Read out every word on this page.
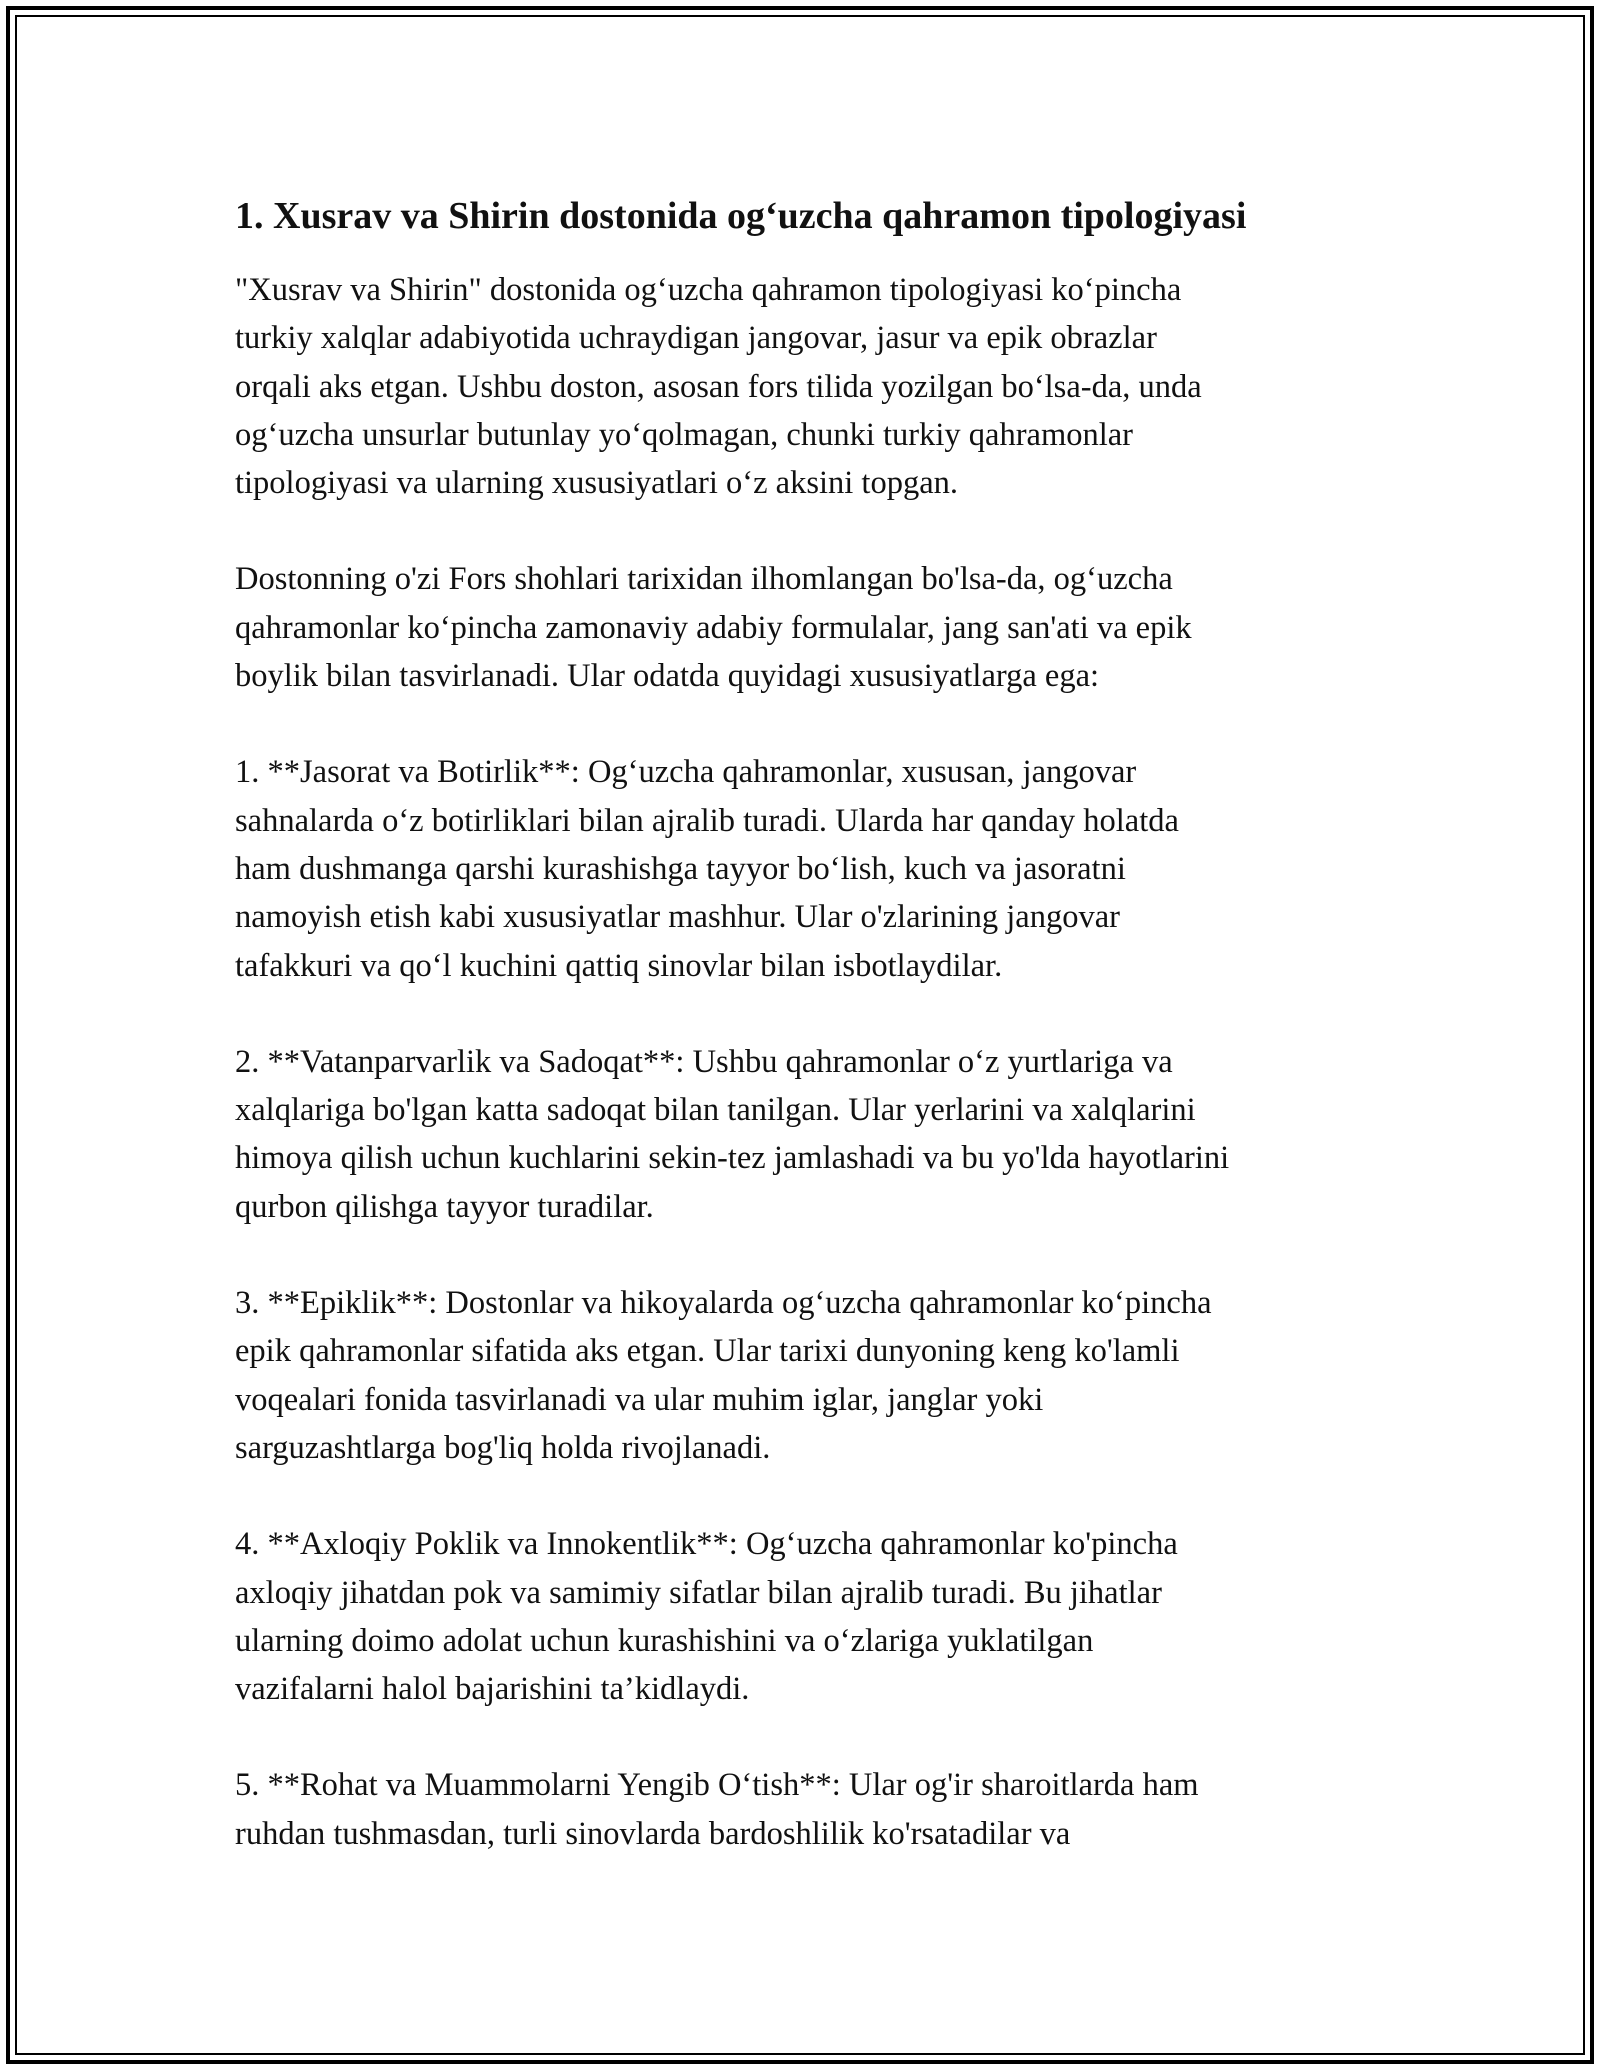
1. Xusrav va Shirin dostonida og‘uzcha qahramon tipologiyasi

"Xusrav va Shirin" dostonida og‘uzcha qahramon tipologiyasi ko‘pincha
turkiy xalqlar adabiyotida uchraydigan jangovar, jasur va epik obrazlar
orqali aks etgan. Ushbu doston, asosan fors tilida yozilgan bo‘lsa-da, unda
og‘uzcha unsurlar butunlay yo‘qolmagan, chunki turkiy qahramonlar
tipologiyasi va ularning xususiyatlari o‘z aksini topgan.

Dostonning o'zi Fors shohlari tarixidan ilhomlangan bo'lsa-da, og‘uzcha
qahramonlar ko‘pincha zamonaviy adabiy formulalar, jang san'ati va epik
boylik bilan tasvirlanadi. Ular odatda quyidagi xususiyatlarga ega:

1. **Jasorat va Botirlik**: Og‘uzcha qahramonlar, xususan, jangovar
sahnalarda o‘z botirliklari bilan ajralib turadi. Ularda har qanday holatda
ham dushmanga qarshi kurashishga tayyor bo‘lish, kuch va jasoratni
namoyish etish kabi xususiyatlar mashhur. Ular o'zlarining jangovar
tafakkuri va qo‘l kuchini qattiq sinovlar bilan isbotlaydilar.

2. **Vatanparvarlik va Sadoqat**: Ushbu qahramonlar o‘z yurtlariga va
xalqlariga bo'lgan katta sadoqat bilan tanilgan. Ular yerlarini va xalqlarini
himoya qilish uchun kuchlarini sekin-tez jamlashadi va bu yo'lda hayotlarini
qurbon qilishga tayyor turadilar.

3. **Epiklik**: Dostonlar va hikoyalarda og‘uzcha qahramonlar ko‘pincha
epik qahramonlar sifatida aks etgan. Ular tarixi dunyoning keng ko'lamli
voqealari fonida tasvirlanadi va ular muhim iglar, janglar yoki
sarguzashtlarga bog'liq holda rivojlanadi.

4. **Axloqiy Poklik va Innokentlik**: Og‘uzcha qahramonlar ko'pincha
axloqiy jihatdan pok va samimiy sifatlar bilan ajralib turadi. Bu jihatlar
ularning doimo adolat uchun kurashishini va o‘zlariga yuklatilgan
vazifalarni halol bajarishini ta’kidlaydi.

5. **Rohat va Muammolarni Yengib O‘tish**: Ular og'ir sharoitlarda ham
ruhdan tushmasdan, turli sinovlarda bardoshlilik ko'rsatadilar va
